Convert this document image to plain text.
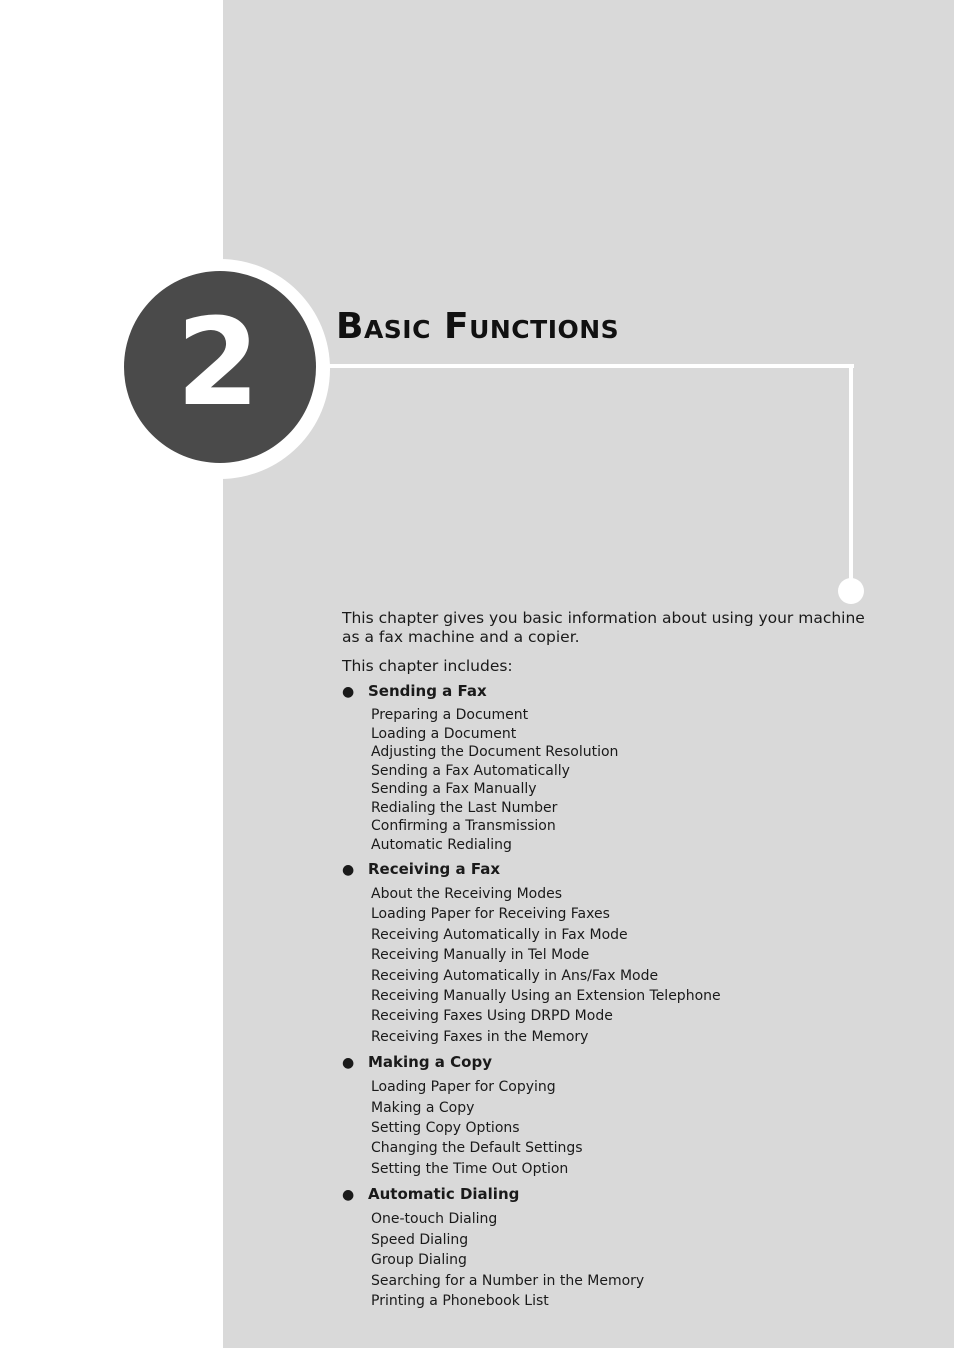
2 Basic Functions

This chapter gives you basic information about using your machine as a fax machine and a copier.

This chapter includes:

● Sending a Fax
Preparing a Document
Loading a Document
Adjusting the Document Resolution
Sending a Fax Automatically
Sending a Fax Manually
Redialing the Last Number
Confirming a Transmission
Automatic Redialing
● Receiving a Fax
About the Receiving Modes
Loading Paper for Receiving Faxes
Receiving Automatically in Fax Mode
Receiving Manually in Tel Mode
Receiving Automatically in Ans/Fax Mode
Receiving Manually Using an Extension Telephone
Receiving Faxes Using DRPD Mode
Receiving Faxes in the Memory
● Making a Copy
Loading Paper for Copying
Making a Copy
Setting Copy Options
Changing the Default Settings
Setting the Time Out Option
● Automatic Dialing
One-touch Dialing
Speed Dialing
Group Dialing
Searching for a Number in the Memory
Printing a Phonebook List
